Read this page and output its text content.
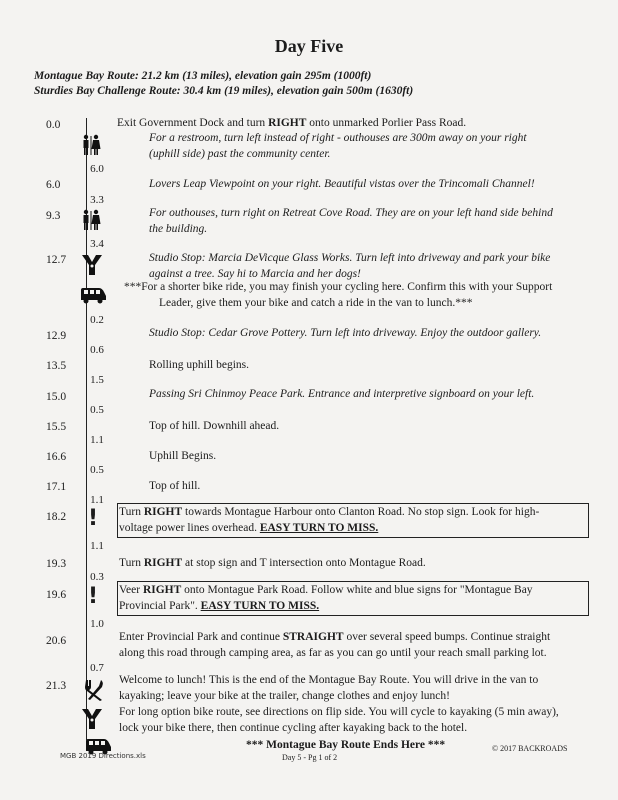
Day Five
Montague Bay Route: 21.2 km (13 miles), elevation gain 295m (1000ft)
Sturdies Bay Challenge Route: 30.4 km (19 miles), elevation gain 500m (1630ft)
0.0	Exit Government Dock and turn RIGHT onto unmarked Porlier Pass Road.
For a restroom, turn left instead of right - outhouses are 300m away on your right
(uphill side) past the community center.
6.0
6.0	Lovers Leap Viewpoint on your right. Beautiful vistas over the Trincomali Channel!
3.3
9.3	For outhouses, turn right on Retreat Cove Road. They are on your left hand side behind
the building.
3.4
12.7	Studio Stop: Marcia DeVicque Glass Works. Turn left into driveway and park your bike
against a tree. Say hi to Marcia and her dogs!
***For a shorter bike ride, you may finish your cycling here. Confirm this with your Support
Leader, give them your bike and catch a ride in the van to lunch.***
0.2
12.9	Studio Stop: Cedar Grove Pottery. Turn left into driveway. Enjoy the outdoor gallery.
0.6
13.5	Rolling uphill begins.
1.5
15.0	Passing Sri Chinmoy Peace Park. Entrance and interpretive signboard on your left.
0.5
15.5	Top of hill. Downhill ahead.
1.1
16.6	Uphill Begins.
0.5
17.1	Top of hill.
1.1
18.2 ! Turn RIGHT towards Montague Harbour onto Clanton Road. No stop sign. Look for high-
voltage power lines overhead. EASY TURN TO MISS.
1.1
19.3	Turn RIGHT at stop sign and T intersection onto Montague Road.
0.3
19.6 ! Veer RIGHT onto Montague Park Road. Follow white and blue signs for "Montague Bay
Provincial Park". EASY TURN TO MISS.
1.0
20.6	Enter Provincial Park and continue STRAIGHT over several speed bumps. Continue straight
along this road through camping area, as far as you can go until your reach small parking lot.
0.7
21.3	Welcome to lunch! This is the end of the Montague Bay Route. You will drive in the van to
kayaking; leave your bike at the trailer, change clothes and enjoy lunch!
For long option bike route, see directions on flip side. You will cycle to kayaking (5 min away),
lock your bike there, then continue cycling after kayaking back to the hotel.
*** Montague Bay Route Ends Here ***
Day 5 - Pg 1 of 2
© 2017 BACKROADS
MGB 2019 Directions.xls
